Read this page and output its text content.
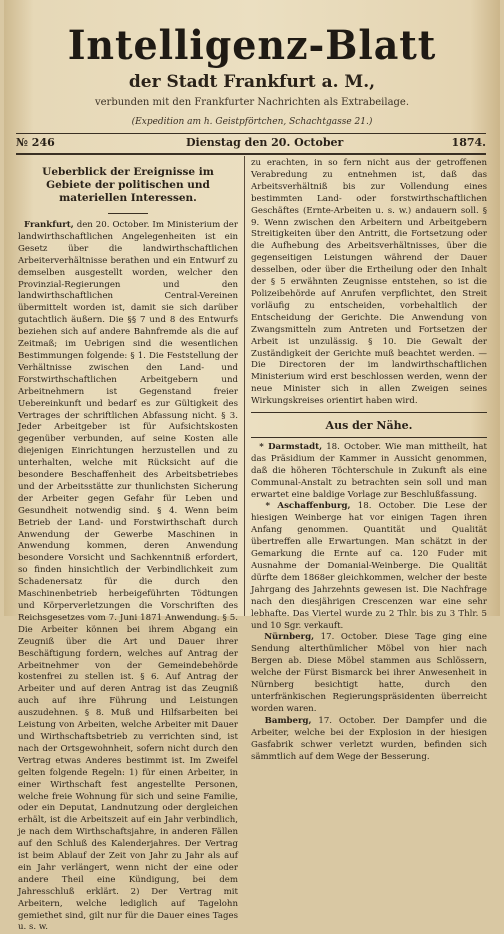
Intelligenz-Blatt
der Stadt Frankfurt a. M.,
verbunden mit den Frankfurter Nachrichten als Extrabeilage.
(Expedition am h. Geistpförtchen, Schachtgasse 21.)
№ 246	Dienstag den 20. October	1874.
Ueberblick der Ereignisse im Gebiete der politischen und materiellen Interessen.

Frankfurt, den 20. October. Im Ministerium der landwirthschaftlichen Angelegenheiten ist ein Gesetz über die landwirthschaftlichen Arbeiterverhältnisse berathen und ein Entwurf zu demselben ausgestellt worden, welcher den Provinzial-Regierungen und den landwirthschaftlichen Central-Vereinen übermittelt worden ist, damit sie sich darüber gutachtlich äußern. Die §§ 7 und 8 des Entwurfs beziehen sich auf andere Bahnfremde als die auf Zeitmaß; im Uebrigen sind die wesentlichen Bestimmungen folgende: § 1. Die Feststellung der Verhältnisse zwischen den Land- und Forstwirthschaftlichen Arbeitgebern und Arbeitnehmern ist Gegenstand freier Uebereinkunft und bedarf es zur Gültigkeit des Vertrages der schriftlichen Abfassung nicht. § 3. Jeder Arbeitgeber ist für Aufsichtskosten gegenüber verbunden, auf seine Kosten alle diejenigen Einrichtungen herzustellen und zu unterhalten, welche mit Rücksicht auf die besondere Beschaffenheit des Arbeitsbetriebes und der Arbeitsstätte zur thunlichsten Sicherung der Arbeiter gegen Gefahr für Leben und Gesundheit notwendig sind. § 4. Wenn beim Betrieb der Land- und Forstwirthschaft durch Anwendung der Gewerbe Maschinen in Anwendung kommen, deren Anwendung besondere Vorsicht und Sachkenntniß erfordert, so finden hinsichtlich der Verbindlichkeit zum Schadenersatz für die durch den Maschinenbetrieb herbeigeführten Tödtungen und Körperverletzungen die Vorschriften des Reichsgesetzes vom 7. Juni 1871 Anwendung. § 5. Die Arbeiter können bei ihrem Abgang ein Zeugniß über die Art und Dauer ihrer Beschäftigung fordern, welches auf Antrag der Arbeitnehmer von der Gemeindebehörde kostenfrei zu stellen ist. § 6. Auf Antrag der Arbeiter und auf deren Antrag ist das Zeugniß auch auf ihre Führung und Leistungen auszudehnen. § 8. Muß und Hilfsarbeiten bei Leistung von Arbeiten, welche Arbeiter mit Dauer und Wirthschaftsbetrieb zu verrichten sind, ist nach der Ortsgewohnheit, sofern nicht durch den Vertrag etwas Anderes bestimmt ist. Im Zweifel gelten folgende Regeln: 1) für einen Arbeiter, in einer Wirthschaft fest angestellte Personen, welche freie Wohnung für sich und seine Familie, oder ein Deputat, Landnutzung oder dergleichen erhält, ist die Arbeitszeit auf ein Jahr verbindlich, je nach dem Wirthschaftsjahre, in anderen Fällen auf den Schluß des Kalenderjahres. Der Vertrag ist beim Ablauf der Zeit von Jahr zu Jahr als auf ein Jahr verlängert, wenn nicht der eine oder andere Theil eine Kündigung, bei dem Jahresschluß erklärt. 2) Der Vertrag mit Arbeitern, welche lediglich auf Tagelohn gemiethet sind, gilt nur für die Dauer eines Tages u. s. w.

zu erachten, in so fern nicht aus der getroffenen Verabredung zu entnehmen ist, daß das Arbeitsverhältniß bis zur Vollendung eines bestimmten Land- oder forstwirthschaftlichen Geschäftes (Ernte-Arbeiten u. s. w.) andauern soll. § 9. Wenn zwischen den Arbeitern und Arbeitgebern Streitigkeiten über den Antritt, die Fortsetzung oder die Aufhebung des Arbeitsverhältnisses, über die gegenseitigen Leistungen während der Dauer desselben, oder über die Ertheilung oder den Inhalt der § 5 erwähnten Zeugnisse entstehen, so ist die Polizeibehörde auf Anrufen verpflichtet, den Streit vorläufig zu entscheiden, vorbehaltlich der Entscheidung der Gerichte. Die Anwendung von Zwangsmitteln zum Antreten und Fortsetzen der Arbeit ist unzulässig. § 10. Die Gewalt der Zuständigkeit der Gerichte muß beachtet werden. — Die Directoren der im landwirthschaftlichen Ministerium wird erst beschlossen werden, wenn der neue Minister sich in allen Zweigen seines Wirkungskreises orientirt haben wird.

Aus der Nähe.

* Darmstadt, 18. October. Wie man mittheilt, hat das Präsidium der Kammer in Aussicht genommen, daß die höheren Töchterschule in Zukunft als eine Communal-Anstalt zu betrachten sein soll und man erwartet eine baldige Vorlage zur Beschlußfassung.

* Aschaffenburg, 18. October. Die Lese der hiesigen Weinberge hat vor einigen Tagen ihren Anfang genommen. Quantität und Qualität übertreffen alle Erwartungen. Man schätzt in der Gemarkung die Ernte auf ca. 120 Fuder mit Ausnahme der Domanial-Weinberge. Die Qualität dürfte dem 1868er gleichkommen, welcher der beste Jahrgang des Jahrzehnts gewesen ist. Die Nachfrage nach den diesjährigen Crescenzen war eine sehr lebhafte. Das Viertel wurde zu 2 Thlr. bis zu 3 Thlr. 5 und 10 Sgr. verkauft.

Nürnberg, 17. October. Diese Tage ging eine Sendung alterthümlicher Möbel von hier nach Bergen ab. Diese Möbel stammen aus Schlössern, welche der Fürst Bismarck bei ihrer Anwesenheit in Nürnberg besichtigt hatte, durch den unterfränkischen Regierungspräsidenten überreicht worden waren.

Bamberg, 17. October. Der Dampfer und die Arbeiter, welche bei der Explosion in der hiesigen Gasfabrik schwer verletzt wurden, befinden sich sämmtlich auf dem Wege der Besserung.
